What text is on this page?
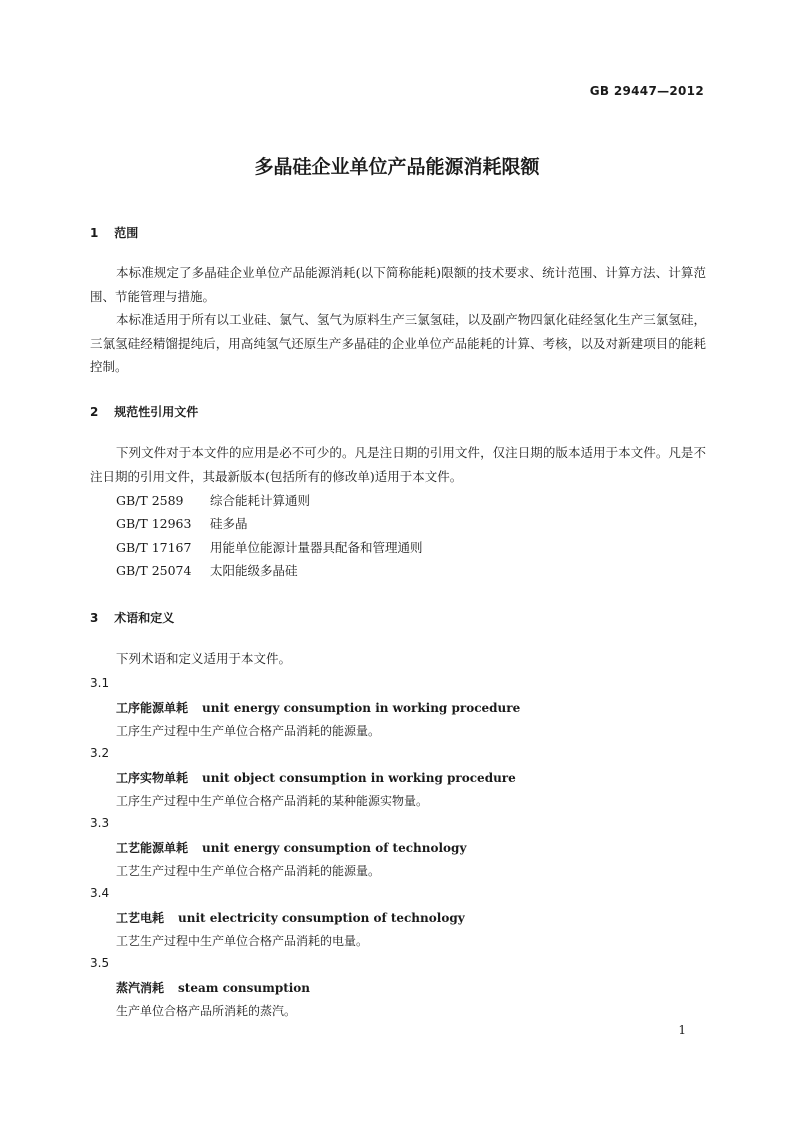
GB 29447—2012
多晶硅企业单位产品能源消耗限额
1 范围
本标准规定了多晶硅企业单位产品能源消耗(以下简称能耗)限额的技术要求、统计范围、计算方法、计算范围、节能管理与措施。
本标准适用于所有以工业硅、氯气、氢气为原料生产三氯氢硅，以及副产物四氯化硅经氢化生产三氯氢硅，三氯氢硅经精馏提纯后，用高纯氢气还原生产多晶硅的企业单位产品能耗的计算、考核，以及对新建项目的能耗控制。
2 规范性引用文件
下列文件对于本文件的应用是必不可少的。凡是注日期的引用文件，仅注日期的版本适用于本文件。凡是不注日期的引用文件，其最新版本(包括所有的修改单)适用于本文件。
GB/T 2589 综合能耗计算通则
GB/T 12963 硅多晶
GB/T 17167 用能单位能源计量器具配备和管理通则
GB/T 25074 太阳能级多晶硅
3 术语和定义
下列术语和定义适用于本文件。
3.1
工序能源单耗 unit energy consumption in working procedure
工序生产过程中生产单位合格产品消耗的能源量。
3.2
工序实物单耗 unit object consumption in working procedure
工序生产过程中生产单位合格产品消耗的某种能源实物量。
3.3
工艺能源单耗 unit energy consumption of technology
工艺生产过程中生产单位合格产品消耗的能源量。
3.4
工艺电耗 unit electricity consumption of technology
工艺生产过程中生产单位合格产品消耗的电量。
3.5
蒸汽消耗 steam consumption
生产单位合格产品所消耗的蒸汽。
1
